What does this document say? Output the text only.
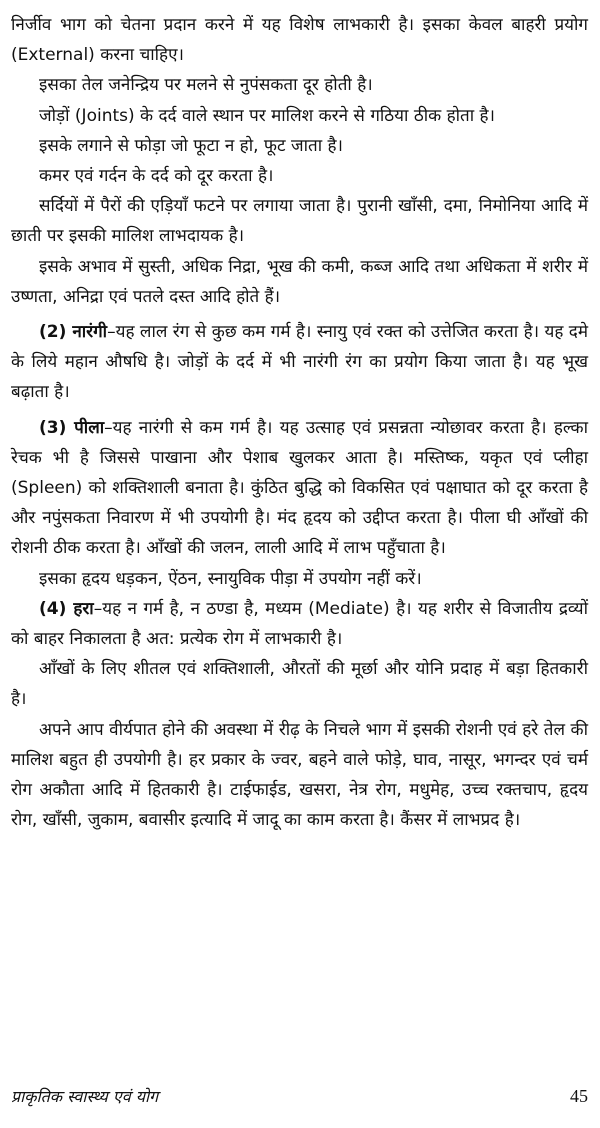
निर्जीव भाग को चेतना प्रदान करने में यह विशेष लाभकारी है। इसका केवल बाहरी प्रयोग (External) करना चाहिए।

इसका तेल जनेन्द्रिय पर मलने से नुपंसकता दूर होती है।

जोड़ों (Joints) के दर्द वाले स्थान पर मालिश करने से गठिया ठीक होता है।

इसके लगाने से फोड़ा जो फूटा न हो, फूट जाता है।

कमर एवं गर्दन के दर्द को दूर करता है।

सर्दियों में पैरों की एड़ियाँ फटने पर लगाया जाता है। पुरानी खाँसी, दमा, निमोनिया आदि में छाती पर इसकी मालिश लाभदायक है।

इसके अभाव में सुस्ती, अधिक निद्रा, भूख की कमी, कब्ज आदि तथा अधिकता में शरीर में उष्णता, अनिद्रा एवं पतले दस्त आदि होते हैं।

(2) नारंगी–यह लाल रंग से कुछ कम गर्म है। स्नायु एवं रक्त को उत्तेजित करता है। यह दमे के लिये महान औषधि है। जोड़ों के दर्द में भी नारंगी रंग का प्रयोग किया जाता है। यह भूख बढ़ाता है।

(3) पीला–यह नारंगी से कम गर्म है। यह उत्साह एवं प्रसन्नता न्योछावर करता है। हल्का रेचक भी है जिससे पाखाना और पेशाब खुलकर आता है। मस्तिष्क, यकृत एवं प्लीहा (Spleen) को शक्तिशाली बनाता है। कुंठित बुद्धि को विकसित एवं पक्षाघात को दूर करता है और नपुंसकता निवारण में भी उपयोगी है। मंद हृदय को उद्दीप्त करता है। पीला घी आँखों की रोशनी ठीक करता है। आँखों की जलन, लाली आदि में लाभ पहुँचाता है।

इसका हृदय धड़कन, ऐंठन, स्नायुविक पीड़ा में उपयोग नहीं करें।

(4) हरा–यह न गर्म है, न ठण्डा है, मध्यम (Mediate) है। यह शरीर से विजातीय द्रव्यों को बाहर निकालता है अत: प्रत्येक रोग में लाभकारी है।

आँखों के लिए शीतल एवं शक्तिशाली, औरतों की मूर्छा और योनि प्रदाह में बड़ा हितकारी है।

अपने आप वीर्यपात होने की अवस्था में रीढ़ के निचले भाग में इसकी रोशनी एवं हरे तेल की मालिश बहुत ही उपयोगी है। हर प्रकार के ज्वर, बहने वाले फोड़े, घाव, नासूर, भगन्दर एवं चर्म रोग अकौता आदि में हितकारी है। टाईफाईड, खसरा, नेत्र रोग, मधुमेह, उच्च रक्तचाप, हृदय रोग, खाँसी, जुकाम, बवासीर इत्यादि में जादू का काम करता है। कैंसर में लाभप्रद है।

प्राकृतिक स्वास्थ्य एवं योग	45
